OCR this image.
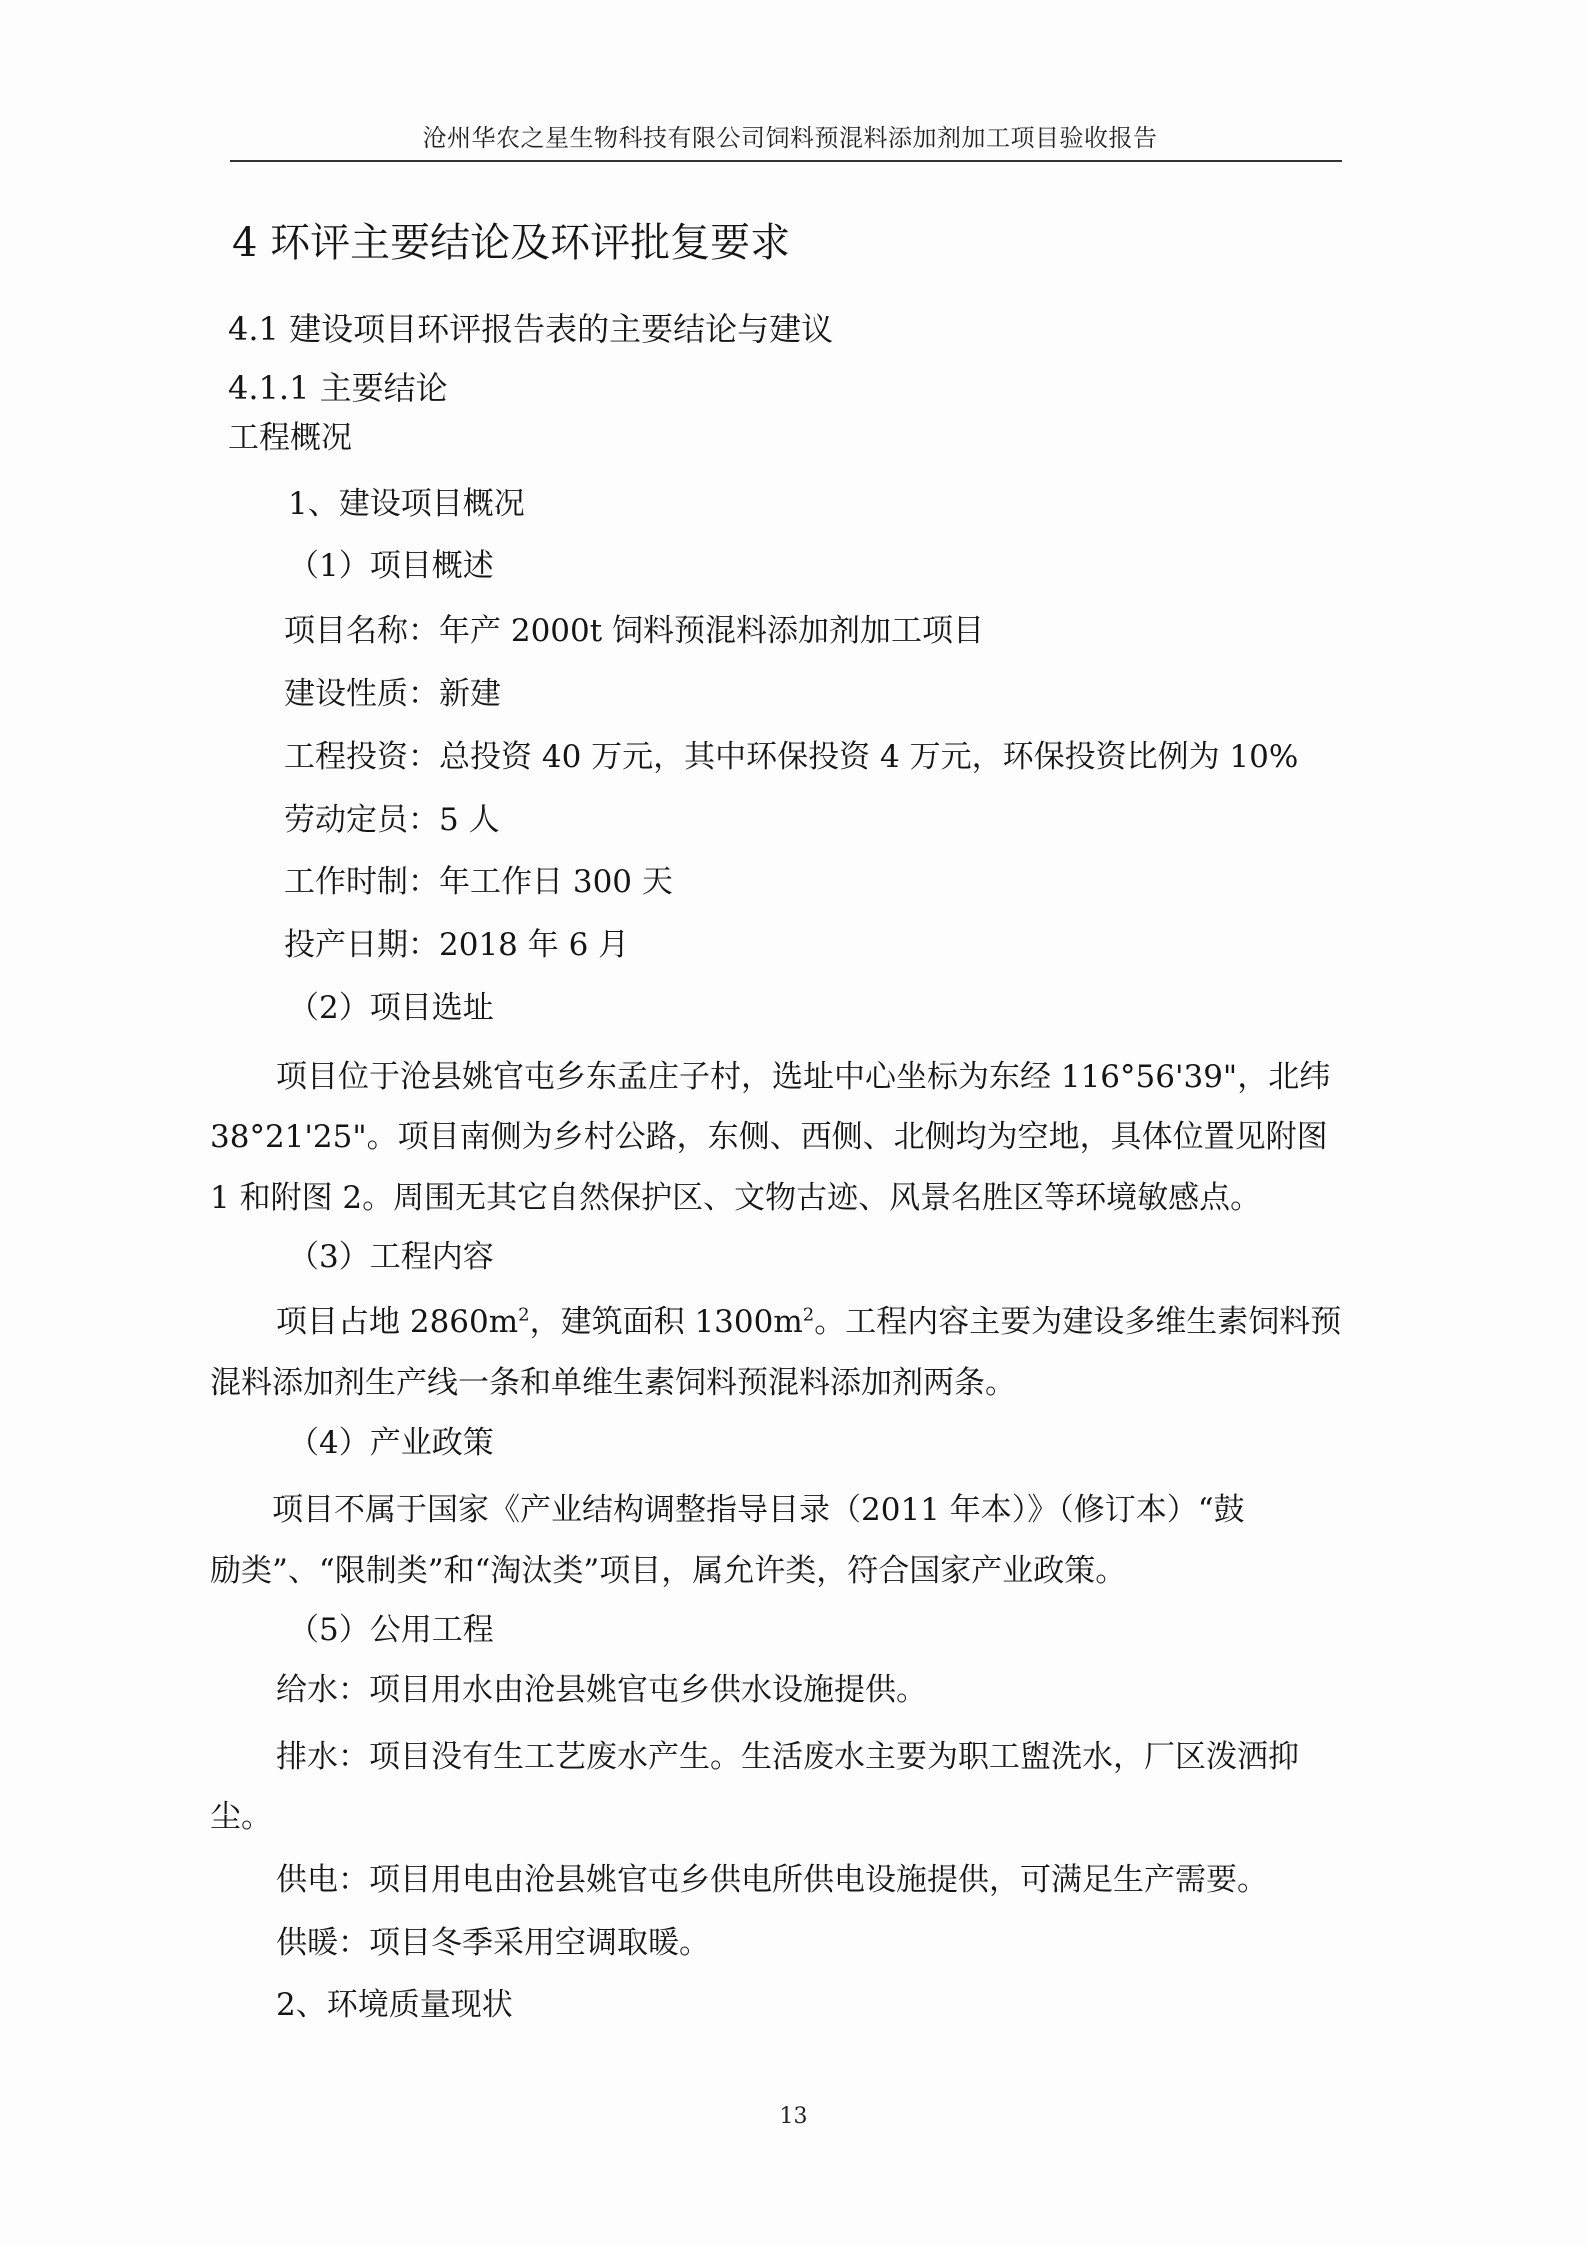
沧州华农之星生物科技有限公司饲料预混料添加剂加工项目验收报告
4 环评主要结论及环评批复要求
4.1 建设项目环评报告表的主要结论与建议
4.1.1 主要结论
工程概况
1、建设项目概况
（1）项目概述
项目名称：年产 2000t 饲料预混料添加剂加工项目
建设性质：新建
工程投资：总投资 40 万元，其中环保投资 4 万元，环保投资比例为 10%
劳动定员：5 人
工作时制：年工作日 300 天
投产日期：2018 年 6 月
（2）项目选址
项目位于沧县姚官屯乡东孟庄子村，选址中心坐标为东经 116°56'39"，北纬
38°21'25"。项目南侧为乡村公路，东侧、西侧、北侧均为空地，具体位置见附图
1 和附图 2。周围无其它自然保护区、文物古迹、风景名胜区等环境敏感点。
（3）工程内容
项目占地 $2860m^2$，建筑面积 $1300m^2$。工程内容主要为建设多维生素饲料预
混料添加剂生产线一条和单维生素饲料预混料添加剂两条。
（4）产业政策
项目不属于国家《产业结构调整指导目录（2011 年本）》（修订本）“鼓
励类”、“限制类”和“淘汰类”项目，属允许类，符合国家产业政策。
（5）公用工程
给水：项目用水由沧县姚官屯乡供水设施提供。
排水：项目没有生工艺废水产生。生活废水主要为职工盥洗水，厂区泼洒抑
尘。
供电：项目用电由沧县姚官屯乡供电所供电设施提供，可满足生产需要。
供暖：项目冬季采用空调取暖。
2、环境质量现状
13
